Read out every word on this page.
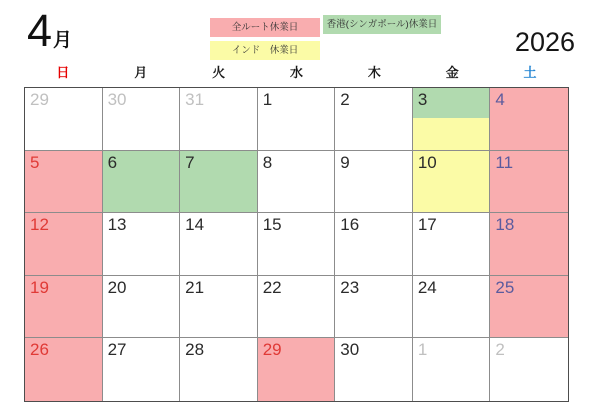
4 月	2026
全ルート休業日	香港(シンガポール)休業日
インド　休業日
日	月	火	水	木	金	土
29	30	31	1	2	3	4
5	6	7	8	9	10	11
12	13	14	15	16	17	18
19	20	21	22	23	24	25
26	27	28	29	30	1	2
